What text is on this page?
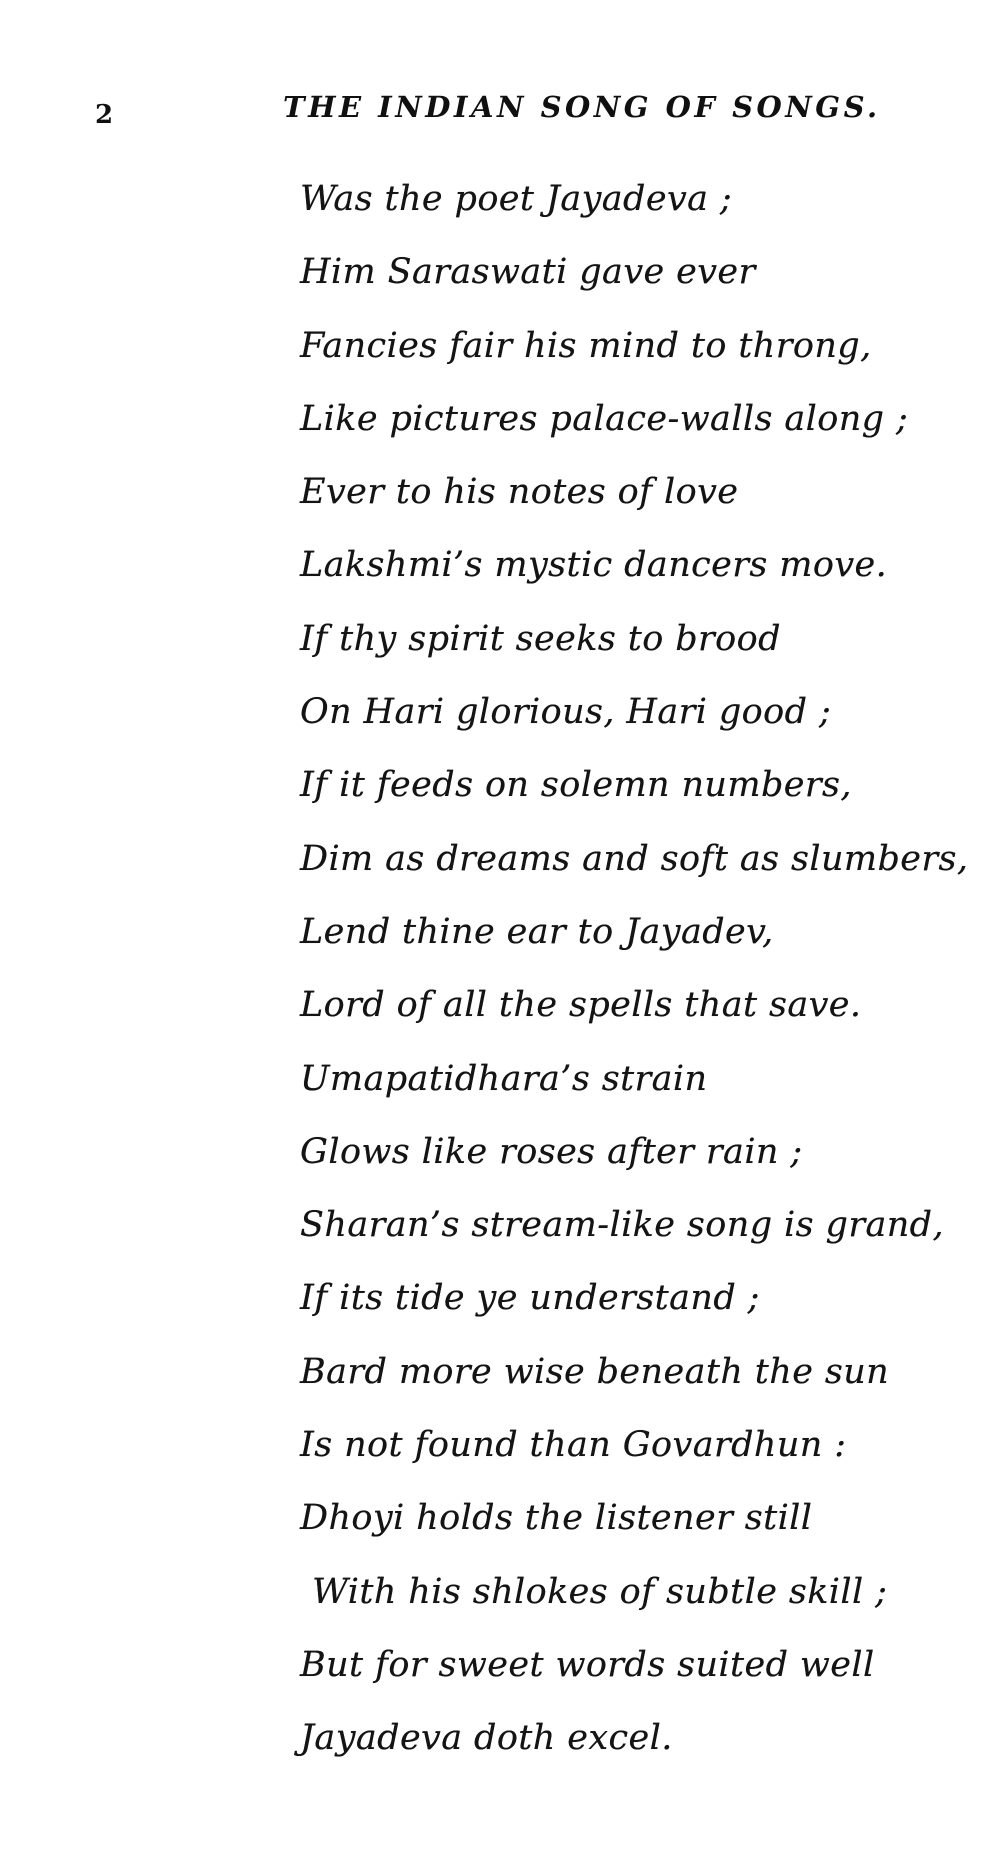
2	THE INDIAN SONG OF SONGS.
Was the poet Jayadeva ;
Him Saraswati gave ever
Fancies fair his mind to throng,
Like pictures palace-walls along ;
Ever to his notes of love
Lakshmi’s mystic dancers move.
If thy spirit seeks to brood
On Hari glorious, Hari good ;
If it feeds on solemn numbers,
Dim as dreams and soft as slumbers,
Lend thine ear to Jayadev,
Lord of all the spells that save.
Umapatidhara’s strain
Glows like roses after rain ;
Sharan’s stream-like song is grand,
If its tide ye understand ;
Bard more wise beneath the sun
Is not found than Govardhun :
Dhoyi holds the listener still
With his shlokes of subtle skill ;
But for sweet words suited well
Jayadeva doth excel.
